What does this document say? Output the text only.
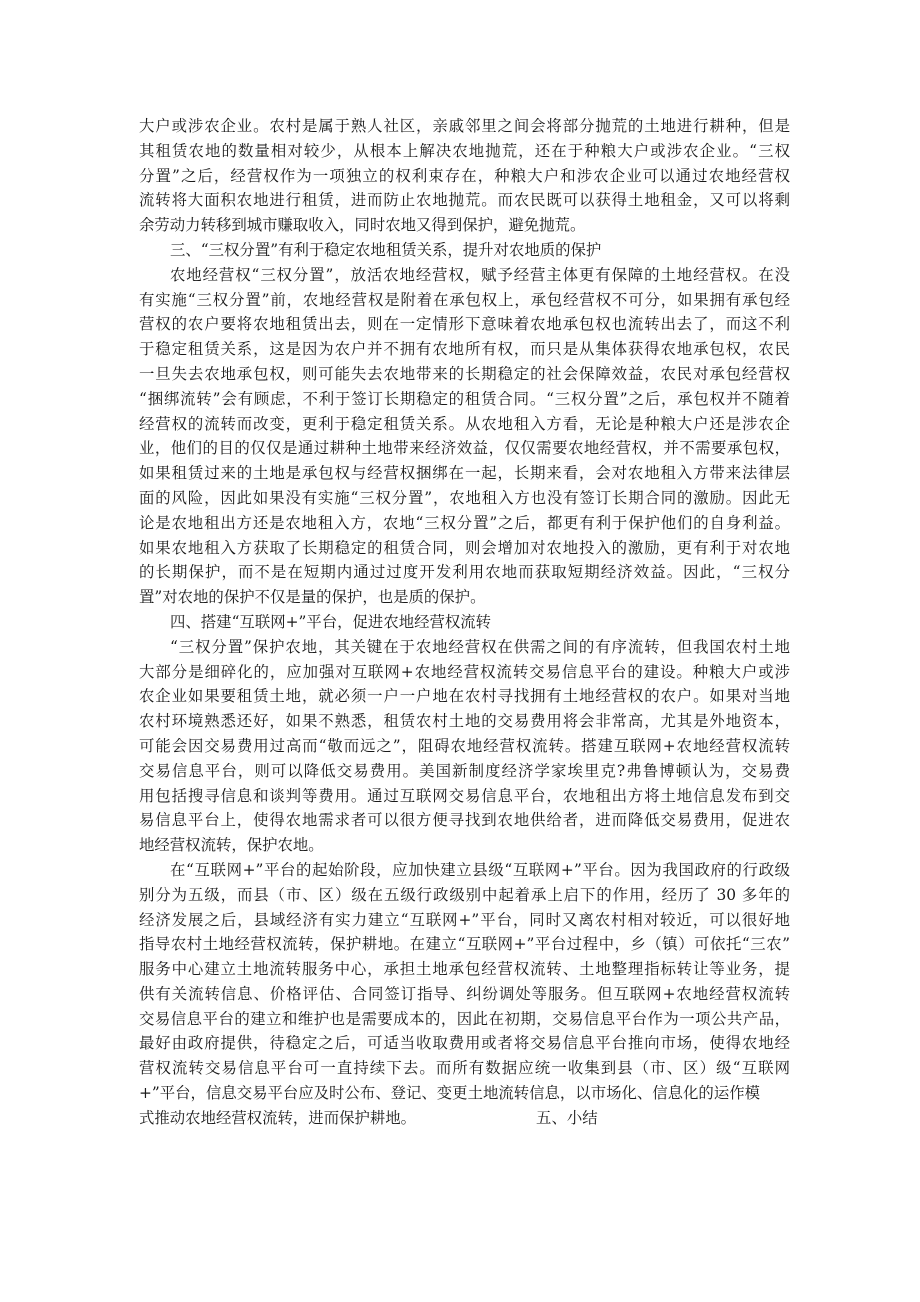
大户或涉农企业。农村是属于熟人社区，亲戚邻里之间会将部分抛荒的土地进行耕种，但是
其租赁农地的数量相对较少，从根本上解决农地抛荒，还在于种粮大户或涉农企业。“三权
分置”之后，经营权作为一项独立的权利束存在，种粮大户和涉农企业可以通过农地经营权
流转将大面积农地进行租赁，进而防止农地抛荒。而农民既可以获得土地租金，又可以将剩
余劳动力转移到城市赚取收入，同时农地又得到保护，避免抛荒。
三、“三权分置”有利于稳定农地租赁关系，提升对农地质的保护
农地经营权“三权分置”，放活农地经营权，赋予经营主体更有保障的土地经营权。在没
有实施“三权分置”前，农地经营权是附着在承包权上，承包经营权不可分，如果拥有承包经
营权的农户要将农地租赁出去，则在一定情形下意味着农地承包权也流转出去了，而这不利
于稳定租赁关系，这是因为农户并不拥有农地所有权，而只是从集体获得农地承包权，农民
一旦失去农地承包权，则可能失去农地带来的长期稳定的社会保障效益，农民对承包经营权
“捆绑流转”会有顾虑，不利于签订长期稳定的租赁合同。“三权分置”之后，承包权并不随着
经营权的流转而改变，更利于稳定租赁关系。从农地租入方看，无论是种粮大户还是涉农企
业，他们的目的仅仅是通过耕种土地带来经济效益，仅仅需要农地经营权，并不需要承包权，
如果租赁过来的土地是承包权与经营权捆绑在一起，长期来看，会对农地租入方带来法律层
面的风险，因此如果没有实施“三权分置”，农地租入方也没有签订长期合同的激励。因此无
论是农地租出方还是农地租入方，农地“三权分置”之后，都更有利于保护他们的自身利益。
如果农地租入方获取了长期稳定的租赁合同，则会增加对农地投入的激励，更有利于对农地
的长期保护，而不是在短期内通过过度开发利用农地而获取短期经济效益。因此，“三权分
置”对农地的保护不仅是量的保护，也是质的保护。
四、搭建“互联网+”平台，促进农地经营权流转
“三权分置”保护农地，其关键在于农地经营权在供需之间的有序流转，但我国农村土地
大部分是细碎化的，应加强对互联网+农地经营权流转交易信息平台的建设。种粮大户或涉
农企业如果要租赁土地，就必须一户一户地在农村寻找拥有土地经营权的农户。如果对当地
农村环境熟悉还好，如果不熟悉，租赁农村土地的交易费用将会非常高，尤其是外地资本，
可能会因交易费用过高而“敬而远之”，阻碍农地经营权流转。搭建互联网+农地经营权流转
交易信息平台，则可以降低交易费用。美国新制度经济学家埃里克?弗鲁博顿认为，交易费
用包括搜寻信息和谈判等费用。通过互联网交易信息平台，农地租出方将土地信息发布到交
易信息平台上，使得农地需求者可以很方便寻找到农地供给者，进而降低交易费用，促进农
地经营权流转，保护农地。
在“互联网+”平台的起始阶段，应加快建立县级“互联网+”平台。因为我国政府的行政级
别分为五级，而县（市、区）级在五级行政级别中起着承上启下的作用，经历了 30 多年的
经济发展之后，县域经济有实力建立“互联网+”平台，同时又离农村相对较近，可以很好地
指导农村土地经营权流转，保护耕地。在建立“互联网+”平台过程中，乡（镇）可依托“三农”
服务中心建立土地流转服务中心，承担土地承包经营权流转、土地整理指标转让等业务，提
供有关流转信息、价格评估、合同签订指导、纠纷调处等服务。但互联网+农地经营权流转
交易信息平台的建立和维护也是需要成本的，因此在初期，交易信息平台作为一项公共产品，
最好由政府提供，待稳定之后，可适当收取费用或者将交易信息平台推向市场，使得农地经
营权流转交易信息平台可一直持续下去。而所有数据应统一收集到县（市、区）级“互联网
+”平台，信息交易平台应及时公布、登记、变更土地流转信息，以市场化、信息化的运作模
式推动农地经营权流转，进而保护耕地。	五、小结
